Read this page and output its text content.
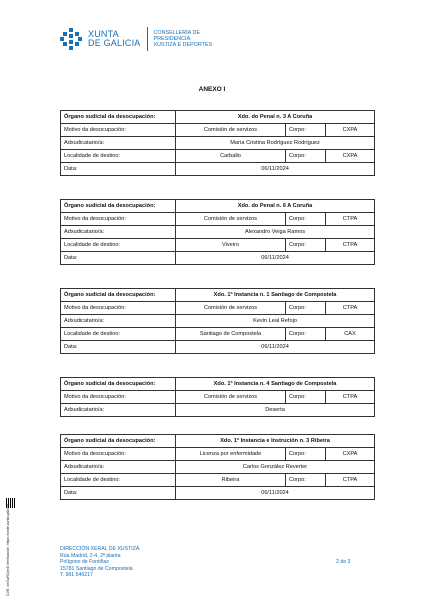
XUNTA
DE GALICIA
CONSELLERÍA DE
PRESIDENCIA,
XUSTIZA E DEPORTES
ANEXO I
Órgano xudicial da desocupación:	Xdo. do Penal n. 3 A Coruña		
Motivo da desocupación:	Comisión de servizos	Corpo:	CXPA
Adxudicatario/a:	María Cristina Rodríguez Rodríguez		
Localidade de destino:	Carballo	Corpo:	CXPA
Data:	06/11/2024		
Órgano xudicial da desocupación:	Xdo. do Penal n. 6 A Coruña		
Motivo da desocupación:	Comisión de servizos	Corpo:	CTPA
Adxudicatario/a:	Alexandro Veiga Ramos		
Localidade de destino:	Viveiro	Corpo:	CTPA
Data:	06/11/2024		
Órgano xudicial da desocupación:	Xdo. 1ª Instancia n. 1 Santiago de Compostela		
Motivo da desocupación:	Comisión de servizos	Corpo:	CTPA
Adxudicatario/a:	Kevin Leal Refojo		
Localidade de destino:	Santiago de Compostela	Corpo:	CAX
Data:	06/11/2024		
Órgano xudicial da desocupación:	Xdo. 1ª Instancia n. 4 Santiago de Compostela		
Motivo da desocupación:	Comisión de servizos	Corpo:	CTPA
Adxudicatario/a:	Deserta		
Órgano xudicial da desocupación:	Xdo. 1ª Instancia e Instrución n. 3 Ribeira		
Motivo da desocupación:	Licenza por enfermidade	Corpo:	CXPA
Adxudicatario/a:	Carlos González Reverter		
Localidade de destino:	Ribeira	Corpo:	CTPA
Data:	06/11/2024		
CVE: cmSzRf2jm8 Verificación: https://sede.xunta.gal/cve	DIRECCIÓN XERAL DE XUSTIZA
Rúa Madrid, 2-4, 2ª planta
Polígono de Fontiñas
15781 Santiago de Compostela
T. 981 546217
2 de 3
